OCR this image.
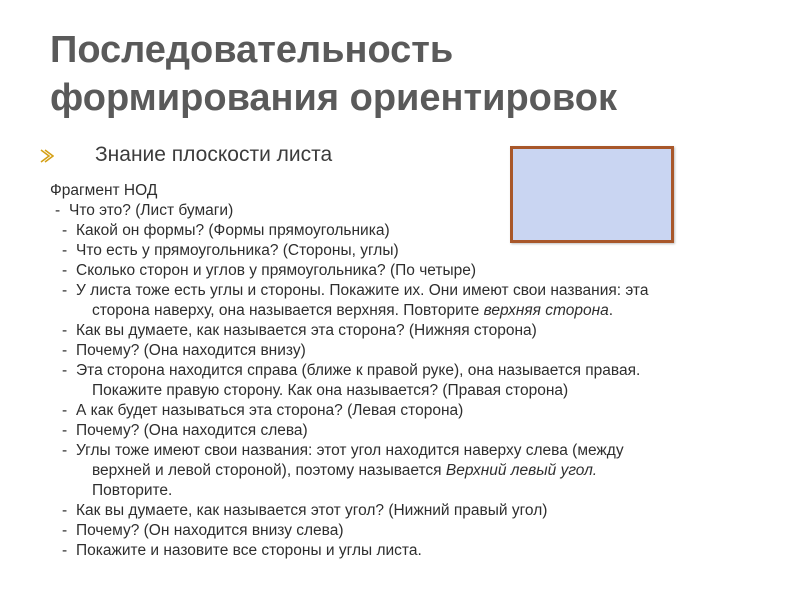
Последовательность
формирования ориентировок
Знание плоскости листа

Фрагмент НОД

- Что это? (Лист бумаги)

- Какой он формы? (Формы прямоугольника)

- Что есть у прямоугольника? (Стороны, углы)

- Сколько сторон и углов у прямоугольника? (По четыре)

- У листа тоже есть углы и стороны. Покажите их. Они имеют свои названия: эта
сторона наверху, она называется верхняя. Повторите верхняя сторона.

- Как вы думаете, как называется эта сторона? (Нижняя сторона)

- Почему? (Она находится внизу)

- Эта сторона находится справа (ближе к правой руке), она называется правая.
Покажите правую сторону. Как она называется? (Правая сторона)

- А как будет называться эта сторона? (Левая сторона)

- Почему? (Она находится слева)

- Углы тоже имеют свои названия: этот угол находится наверху слева (между
верхней и левой стороной), поэтому называется Верхний левый угол.
Повторите.

- Как вы думаете, как называется этот угол? (Нижний правый угол)

- Почему? (Он находится внизу слева)

- Покажите и назовите все стороны и углы листа.
